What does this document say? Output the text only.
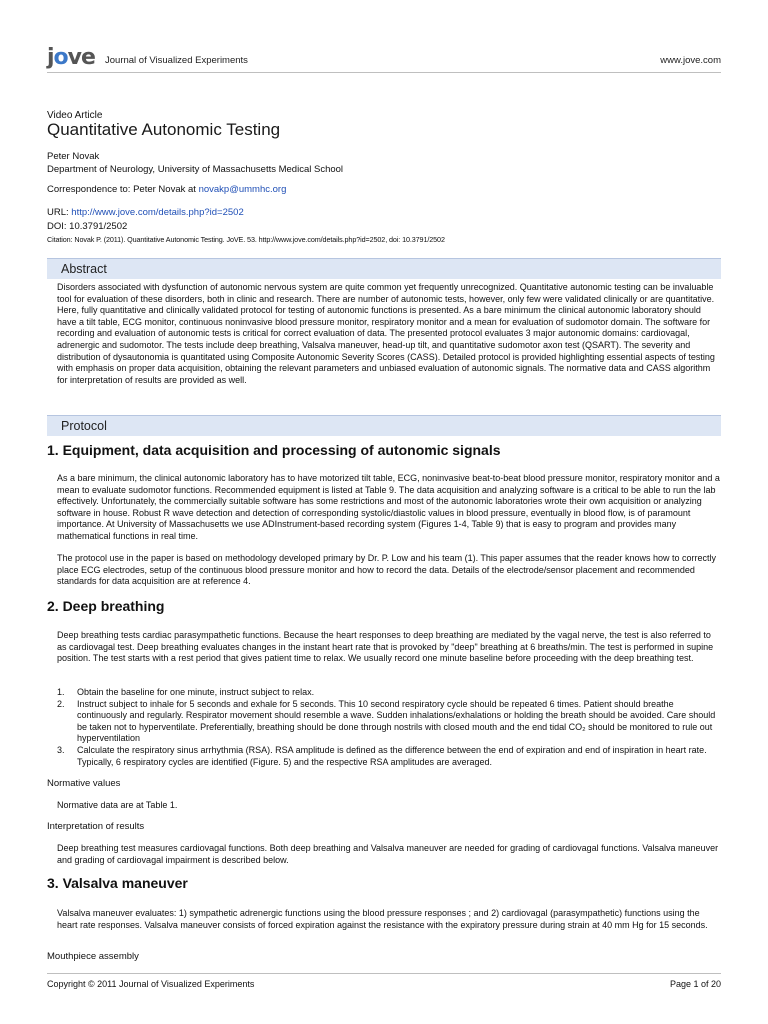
jove Journal of Visualized Experiments	www.jove.com
Video Article
Quantitative Autonomic Testing
Peter Novak
Department of Neurology, University of Massachusetts Medical School
Correspondence to: Peter Novak at novakp@ummhc.org
URL: http://www.jove.com/details.php?id=2502
DOI: 10.3791/2502
Citation: Novak P. (2011). Quantitative Autonomic Testing. JoVE. 53. http://www.jove.com/details.php?id=2502, doi: 10.3791/2502
Abstract

Disorders associated with dysfunction of autonomic nervous system are quite common yet frequently unrecognized. Quantitative autonomic testing can be invaluable tool for evaluation of these disorders, both in clinic and research. There are number of autonomic tests, however, only few were validated clinically or are quantitative. Here, fully quantitative and clinically validated protocol for testing of autonomic functions is presented. As a bare minimum the clinical autonomic laboratory should have a tilt table, ECG monitor, continuous noninvasive blood pressure monitor, respiratory monitor and a mean for evaluation of sudomotor domain. The software for recording and evaluation of autonomic tests is critical for correct evaluation of data. The presented protocol evaluates 3 major autonomic domains: cardiovagal, adrenergic and sudomotor. The tests include deep breathing, Valsalva maneuver, head-up tilt, and quantitative sudomotor axon test (QSART). The severity and distribution of dysautonomia is quantitated using Composite Autonomic Severity Scores (CASS). Detailed protocol is provided highlighting essential aspects of testing with emphasis on proper data acquisition, obtaining the relevant parameters and unbiased evaluation of autonomic signals. The normative data and CASS algorithm for interpretation of results are provided as well.

Protocol
1. Equipment, data acquisition and processing of autonomic signals

As a bare minimum, the clinical autonomic laboratory has to have motorized tilt table, ECG, noninvasive beat-to-beat blood pressure monitor, respiratory monitor and a mean to evaluate sudomotor functions. Recommended equipment is listed at Table 9. The data acquisition and analyzing software is a critical to be able to run the lab effectively. Unfortunately, the commercially suitable software has some restrictions and most of the autonomic laboratories wrote their own acquisition or analyzing software in house. Robust R wave detection and detection of corresponding systolic/diastolic values in blood pressure, eventually in blood flow, is of paramount importance. At University of Massachusetts we use ADInstrument-based recording system (Figures 1-4, Table 9) that is easy to program and provides many mathematical functions in real time.

The protocol use in the paper is based on methodology developed primary by Dr. P. Low and his team (1). This paper assumes that the reader knows how to correctly place ECG electrodes, setup of the continuous blood pressure monitor and how to record the data. Details of the electrode/sensor placement and recommended standards for data acquisition are at reference 4.

2. Deep breathing

Deep breathing tests cardiac parasympathetic functions. Because the heart responses to deep breathing are mediated by the vagal nerve, the test is also referred to as cardiovagal test. Deep breathing evaluates changes in the instant heart rate that is provoked by "deep" breathing at 6 breaths/min. The test is performed in supine position. The test starts with a rest period that gives patient time to relax. We usually record one minute baseline before proceeding with the deep breathing test.

1. Obtain the baseline for one minute, instruct subject to relax.
2. Instruct subject to inhale for 5 seconds and exhale for 5 seconds. This 10 second respiratory cycle should be repeated 6 times. Patient should breathe continuously and regularly. Respirator movement should resemble a wave. Sudden inhalations/exhalations or holding the breath should be avoided. Care should be taken not to hyperventilate. Preferentially, breathing should be done through nostrils with closed mouth and the end tidal CO₂ should be monitored to rule out hyperventilation
3. Calculate the respiratory sinus arrhythmia (RSA). RSA amplitude is defined as the difference between the end of expiration and end of inspiration in heart rate. Typically, 6 respiratory cycles are identified (Figure. 5) and the respective RSA amplitudes are averaged.
Normative values

Normative data are at Table 1.

Interpretation of results

Deep breathing test measures cardiovagal functions. Both deep breathing and Valsalva maneuver are needed for grading of cardiovagal functions. Valsalva maneuver and grading of cardiovagal impairment is described below.

3. Valsalva maneuver

Valsalva maneuver evaluates: 1) sympathetic adrenergic functions using the blood pressure responses ; and 2) cardiovagal (parasympathetic) functions using the heart rate responses. Valsalva maneuver consists of forced expiration against the resistance with the expiratory pressure during strain at 40 mm Hg for 15 seconds.

Mouthpiece assembly
Copyright © 2011 Journal of Visualized Experiments	Page 1 of 20
